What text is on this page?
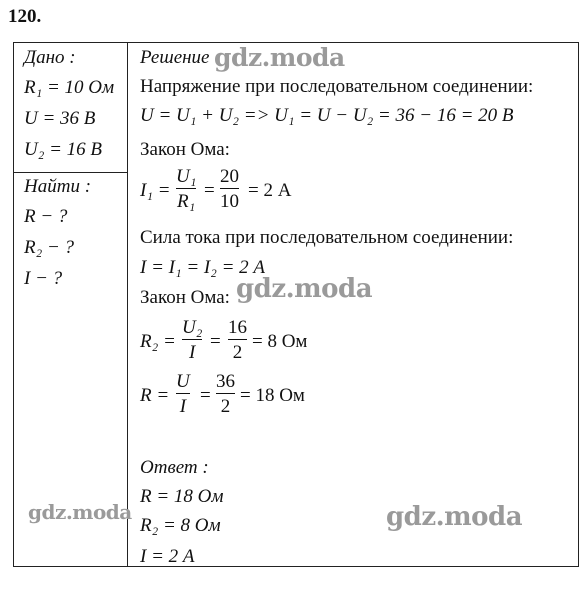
120.
Дано :
R₁ = 10 Ом
U = 36 В
U₂ = 16 В
Найти :
R − ?
R₂ − ?
I − ?
Решение :
Напряжение при последовательном соединении:
U = U₁ + U₂ => U₁ = U − U₂ = 36 − 16 = 20 В
Закон Ома:
I₁ =
U₁
R₁
=
20
10
= 2 А
Сила тока при последовательном соединении:
I = I₁ = I₂ = 2 А
Закон Ома:
R₂ =
U₂
I
=
16
2
= 8 Ом
R =
U
I
=
36
2
= 18 Ом
Ответ :
R = 18 Ом
R₂ = 8 Ом
I = 2 А
gdz.moda
gdz.moda
gdz.moda	gdz.moda
